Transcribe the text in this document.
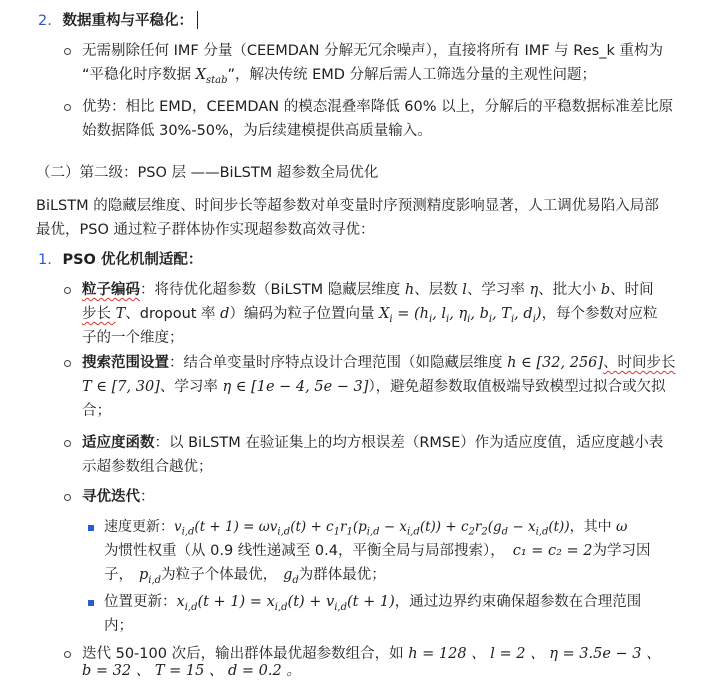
2. 数据重构与平稳化：
无需剔除任何 IMF 分量（CEEMDAN 分解无冗余噪声），直接将所有 IMF 与 Res_k 重构为
“平稳化时序数据 $X_{stab}$”，解决传统 EMD 分解后需人工筛选分量的主观性问题；
优势：相比 EMD，CEEMDAN 的模态混叠率降低 60% 以上，分解后的平稳数据标准差比原
始数据降低 30%-50%，为后续建模提供高质量输入。
（二）第二级：PSO 层 ——BiLSTM 超参数全局优化
BiLSTM 的隐藏层维度、时间步长等超参数对单变量时序预测精度影响显著，人工调优易陷入局部
最优，PSO 通过粒子群体协作实现超参数高效寻优：
1. PSO 优化机制适配：
粒子编码：将待优化超参数（BiLSTM 隐藏层维度 h、层数 l、学习率 η、批大小 b、时间
步长 T、dropout 率 d）编码为粒子位置向量 $X_i = (h_i$, $l_i$, $\eta_i$, $b_i$, $T_i$, $d_i$)，每个参数对应粒
子的一个维度；
搜索范围设置：结合单变量时序特点设计合理范围（如隐藏层维度 h ∈ [32, 256]、时间步长
T ∈ [7, 30]、学习率 η ∈ [1e − 4, 5e − 3]），避免超参数取值极端导致模型过拟合或欠拟
合；
适应度函数：以 BiLSTM 在验证集上的均方根误差（RMSE）作为适应度值，适应度越小表
示超参数组合越优；
寻优迭代：
速度更新：$v_{i,d}(t + 1) = \omega v_{i,d}(t) + c_1r_1(p_{i,d} - x_{i,d}(t)) + c_2r_2(g_d - x_{i,d}(t))$，其中 ω
为惯性权重（从 0.9 线性递减至 0.4，平衡全局与局部搜索）， c₁ = c₂ = 2为学习因
子， $p_{i,d}$为粒子个体最优， $g_d$为群体最优；
位置更新：$x_{i,d}(t + 1) = x_{i,d}(t) + v_{i,d}(t + 1)$，通过边界约束确保超参数在合理范围
内；
迭代 50-100 次后，输出群体最优超参数组合，如 h = 128 、 l = 2 、 η = 3.5e − 3 、
b = 32 、 T = 15 、 d = 0.2 。
